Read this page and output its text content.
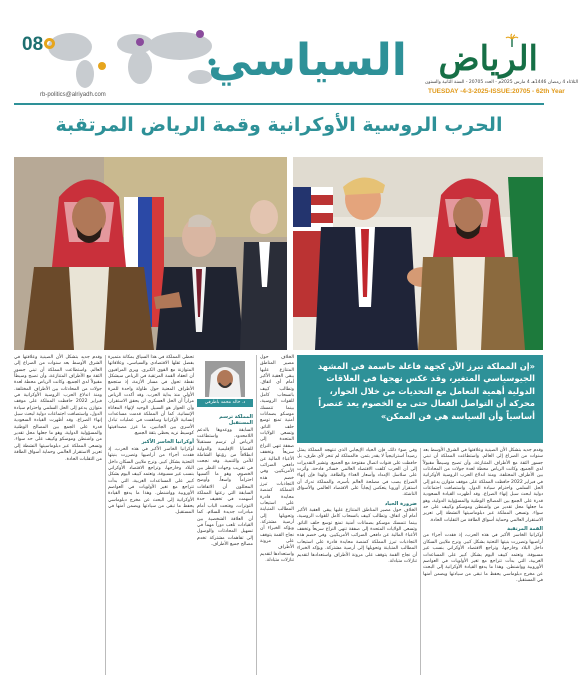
08
rb-politics@alriyadh.com
السياسي الرياض
الثلاثاء 4 رمضان 1446هـ 4 مارس 2025م - العدد 20705 - السنة الثانية والستون
TUESDAY -4-3-2025-ISSUE:20705 - 62th Year
الحرب الروسية الأوكرانية وقمة الرياض المرتقبة
«إن المملكة تبرز الآن كجهة فاعلة حاسمة في المشهد الجيوسياسي المتغير، وقد عكس نهجها في العلاقات الدولية أهمية التعامل مع التحديات من خلال الحوار، محركة أن التواصل الفعال حتى مع الخصوم يعد عنصراً أساسياً وأن السياسة هي فن الممكن»
د. خالد محمد باطرفي
وقدم جديد بتشكل الأن الصينية وعلاقتها في الشرق الأوسط بعد سنوات من الصراع إلى العالم. واستطاعت المملكة أن تبني جسور الثقة مع الأطراف المتنازعة، وأن تصبح وسيطاً مقبولاً لدى الجميع، وكانت الرياض محطة لعدة جولات من المحادثات بين الأطراف المختلفة. ومنذ اندلاع الحرب الروسية الأوكرانية في فبراير 2022 حافظت المملكة على موقف متوازن يدعو إلى الحل السلمي واحترام سيادة الدول، واستضافت اجتماعات دولية لبحث سبل إنهاء الصراع. وقد أظهرت القيادة السعودية قدرة على الجمع بين المصالح الوطنية والمسؤولية الدولية، وهو ما جعلها محل تقدير من واشنطن وموسكو وكييف على حد سواء. وتسعى المملكة عبر دبلوماسيتها النشطة إلى تعزيز الاستقرار العالمي وحماية أسواق الطاقة من التقلبات الحادة.
تحظى المملكة في هذا السياق بمكانة متميزة بفضل ثقلها الاقتصادي والسياسي، وعلاقاتها المتوازنة مع القوى الكبرى. ويرى المراقبون أن انعقاد القمة المرتقبة في الرياض سيشكل نقطة تحول في مسار الأزمة، إذ ستجمع الأطراف المعنية حول طاولة واحدة للمرة الأولى منذ بداية الحرب. وقد أكدت الرياض مراراً أن الحل العسكري لن يحقق الاستقرار، وأن الحوار هو السبيل الوحيد لإنهاء المعاناة الإنسانية. كما أن المملكة قدمت مساعدات إنسانية لأوكرانيا وساهمت في عمليات تبادل الأسرى بين الجانبين، ما عزز مصداقيتها كوسيط نزيه يحظى بثقة الجميع.
أوكرانيا الخاسر الأكبر
أوكرانيا الخاسر الأكبر في هذه الحرب، إذ فقدت أجزاء من أراضيها وتضررت بنيتها التحتية بشكل كبير. ونزح ملايين السكان داخل البلاد وخارجها، وتراجع الاقتصاد الأوكراني بنسب غير مسبوقة. وتعتمد كييف اليوم بشكل كبير على المساعدات الغربية، التي بدأت تتراجع مع تغير الأولويات في العواصم الأوروبية وواشنطن. وهذا ما يدفع القيادة الأوكرانية إلى البحث عن مخرج دبلوماسي يحفظ ما تبقى من سيادتها ويضمن أمنها في المستقبل.
المملكة ترسم المستقبل
السابقة ووعدوها بالدعم اللامحدود. واستطاعت الرياض أن ترسم مستقبلاً للقضايا الإقليمية والدولية انطلاقاً من رؤيتها الشاملة للأمن والتنمية. وقد نجحت في تقريب وجهات النظر بين الخصوم، وهو ما أكسبها احتراماً واسعاً. وأوضح المحللون أن الاتفاقات السابقة التي رعتها المملكة أسهمت في تخفيف حدة التوترات، وفتحت الباب أمام مبادرات جديدة للسلام. كما أن العلاقة الشخصية بين القيادات تلعب دوراً مهماً في تسهيل المحادثات والوصول إلى تفاهمات مشتركة تخدم مصالح جميع الأطراف.
الخلاف حول مصير المناطق المتنازع عليها يبقى العقبة الأكبر أمام أي اتفاق. وتطالب كييف بانسحاب كامل للقوات الروسية، بينما تتمسك موسكو بضمانات أمنية تمنع توسع حلف الناتو. وتسعى الولايات المتحدة إلى صفقة تنهي النزاع سريعاً وتخفف الأعباء المالية عن دافعي الضرائب الأمريكيين. وفي خضم هذه التجاذبات تبرز المملكة كمنصة محايدة قادرة على استيعاب المطالب المتباينة وتحويلها إلى أرضية مشتركة. ويؤكد الخبراء أن نجاح القمة يتوقف على مرونة الأطراف واستعدادها لتقديم تنازلات متبادلة.
وفي ضوء ذلك، فإن الحياد الإيجابي الذي تنتهجه المملكة يمثل رصيداً استراتيجياً لا يقدر بثمن. فالمملكة لم تنحز لأي طرف، بل حافظت على قنوات اتصال مفتوحة مع الجميع. وتشير التقديرات إلى أن الحرب كلفت الاقتصاد العالمي خسائر فادحة، وأثرت على سلاسل الإمداد وأسعار الغذاء والطاقة. ولهذا فإن إنهاء الصراع يصب في مصلحة العالم بأسره، والمملكة تدرك أن استقرار أوروبا ينعكس إيجاباً على الاقتصاد العالمي والأسواق الناشئة.
ضرورة الحياد
الخلاف حول مصير المناطق المتنازع عليها يبقى العقبة الأكبر أمام أي اتفاق. وتطالب كييف بانسحاب كامل للقوات الروسية، بينما تتمسك موسكو بضمانات أمنية تمنع توسع حلف الناتو. وتسعى الولايات المتحدة إلى صفقة تنهي النزاع سريعاً وتخفف الأعباء المالية عن دافعي الضرائب الأمريكيين. وفي خضم هذه التجاذبات تبرز المملكة كمنصة محايدة قادرة على استيعاب المطالب المتباينة وتحويلها إلى أرضية مشتركة. ويؤكد الخبراء أن نجاح القمة يتوقف على مرونة الأطراف واستعدادها لتقديم تنازلات متبادلة.
وقدم جديد بتشكل الأن الصينية وعلاقتها في الشرق الأوسط بعد سنوات من الصراع إلى العالم. واستطاعت المملكة أن تبني جسور الثقة مع الأطراف المتنازعة، وأن تصبح وسيطاً مقبولاً لدى الجميع، وكانت الرياض محطة لعدة جولات من المحادثات بين الأطراف المختلفة. ومنذ اندلاع الحرب الروسية الأوكرانية في فبراير 2022 حافظت المملكة على موقف متوازن يدعو إلى الحل السلمي واحترام سيادة الدول، واستضافت اجتماعات دولية لبحث سبل إنهاء الصراع. وقد أظهرت القيادة السعودية قدرة على الجمع بين المصالح الوطنية والمسؤولية الدولية، وهو ما جعلها محل تقدير من واشنطن وموسكو وكييف على حد سواء. وتسعى المملكة عبر دبلوماسيتها النشطة إلى تعزيز الاستقرار العالمي وحماية أسواق الطاقة من التقلبات الحادة.
القمة المرتقبة
أوكرانيا الخاسر الأكبر في هذه الحرب، إذ فقدت أجزاء من أراضيها وتضررت بنيتها التحتية بشكل كبير. ونزح ملايين السكان داخل البلاد وخارجها، وتراجع الاقتصاد الأوكراني بنسب غير مسبوقة. وتعتمد كييف اليوم بشكل كبير على المساعدات الغربية، التي بدأت تتراجع مع تغير الأولويات في العواصم الأوروبية وواشنطن. وهذا ما يدفع القيادة الأوكرانية إلى البحث عن مخرج دبلوماسي يحفظ ما تبقى من سيادتها ويضمن أمنها في المستقبل.
